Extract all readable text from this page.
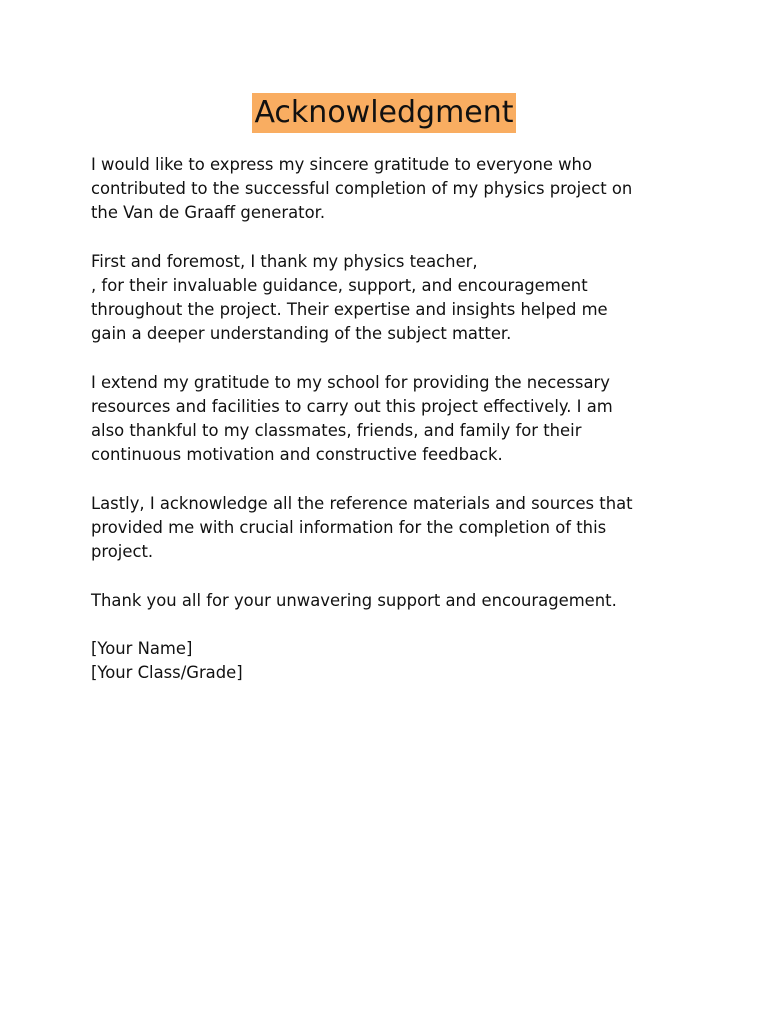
Acknowledgment

I would like to express my sincere gratitude to everyone who
contributed to the successful completion of my physics project on
the Van de Graaff generator.

First and foremost, I thank my physics teacher,
, for their invaluable guidance, support, and encouragement
throughout the project. Their expertise and insights helped me
gain a deeper understanding of the subject matter.

I extend my gratitude to my school for providing the necessary
resources and facilities to carry out this project effectively. I am
also thankful to my classmates, friends, and family for their
continuous motivation and constructive feedback.

Lastly, I acknowledge all the reference materials and sources that
provided me with crucial information for the completion of this
project.

Thank you all for your unwavering support and encouragement.

[Your Name]
[Your Class/Grade]
